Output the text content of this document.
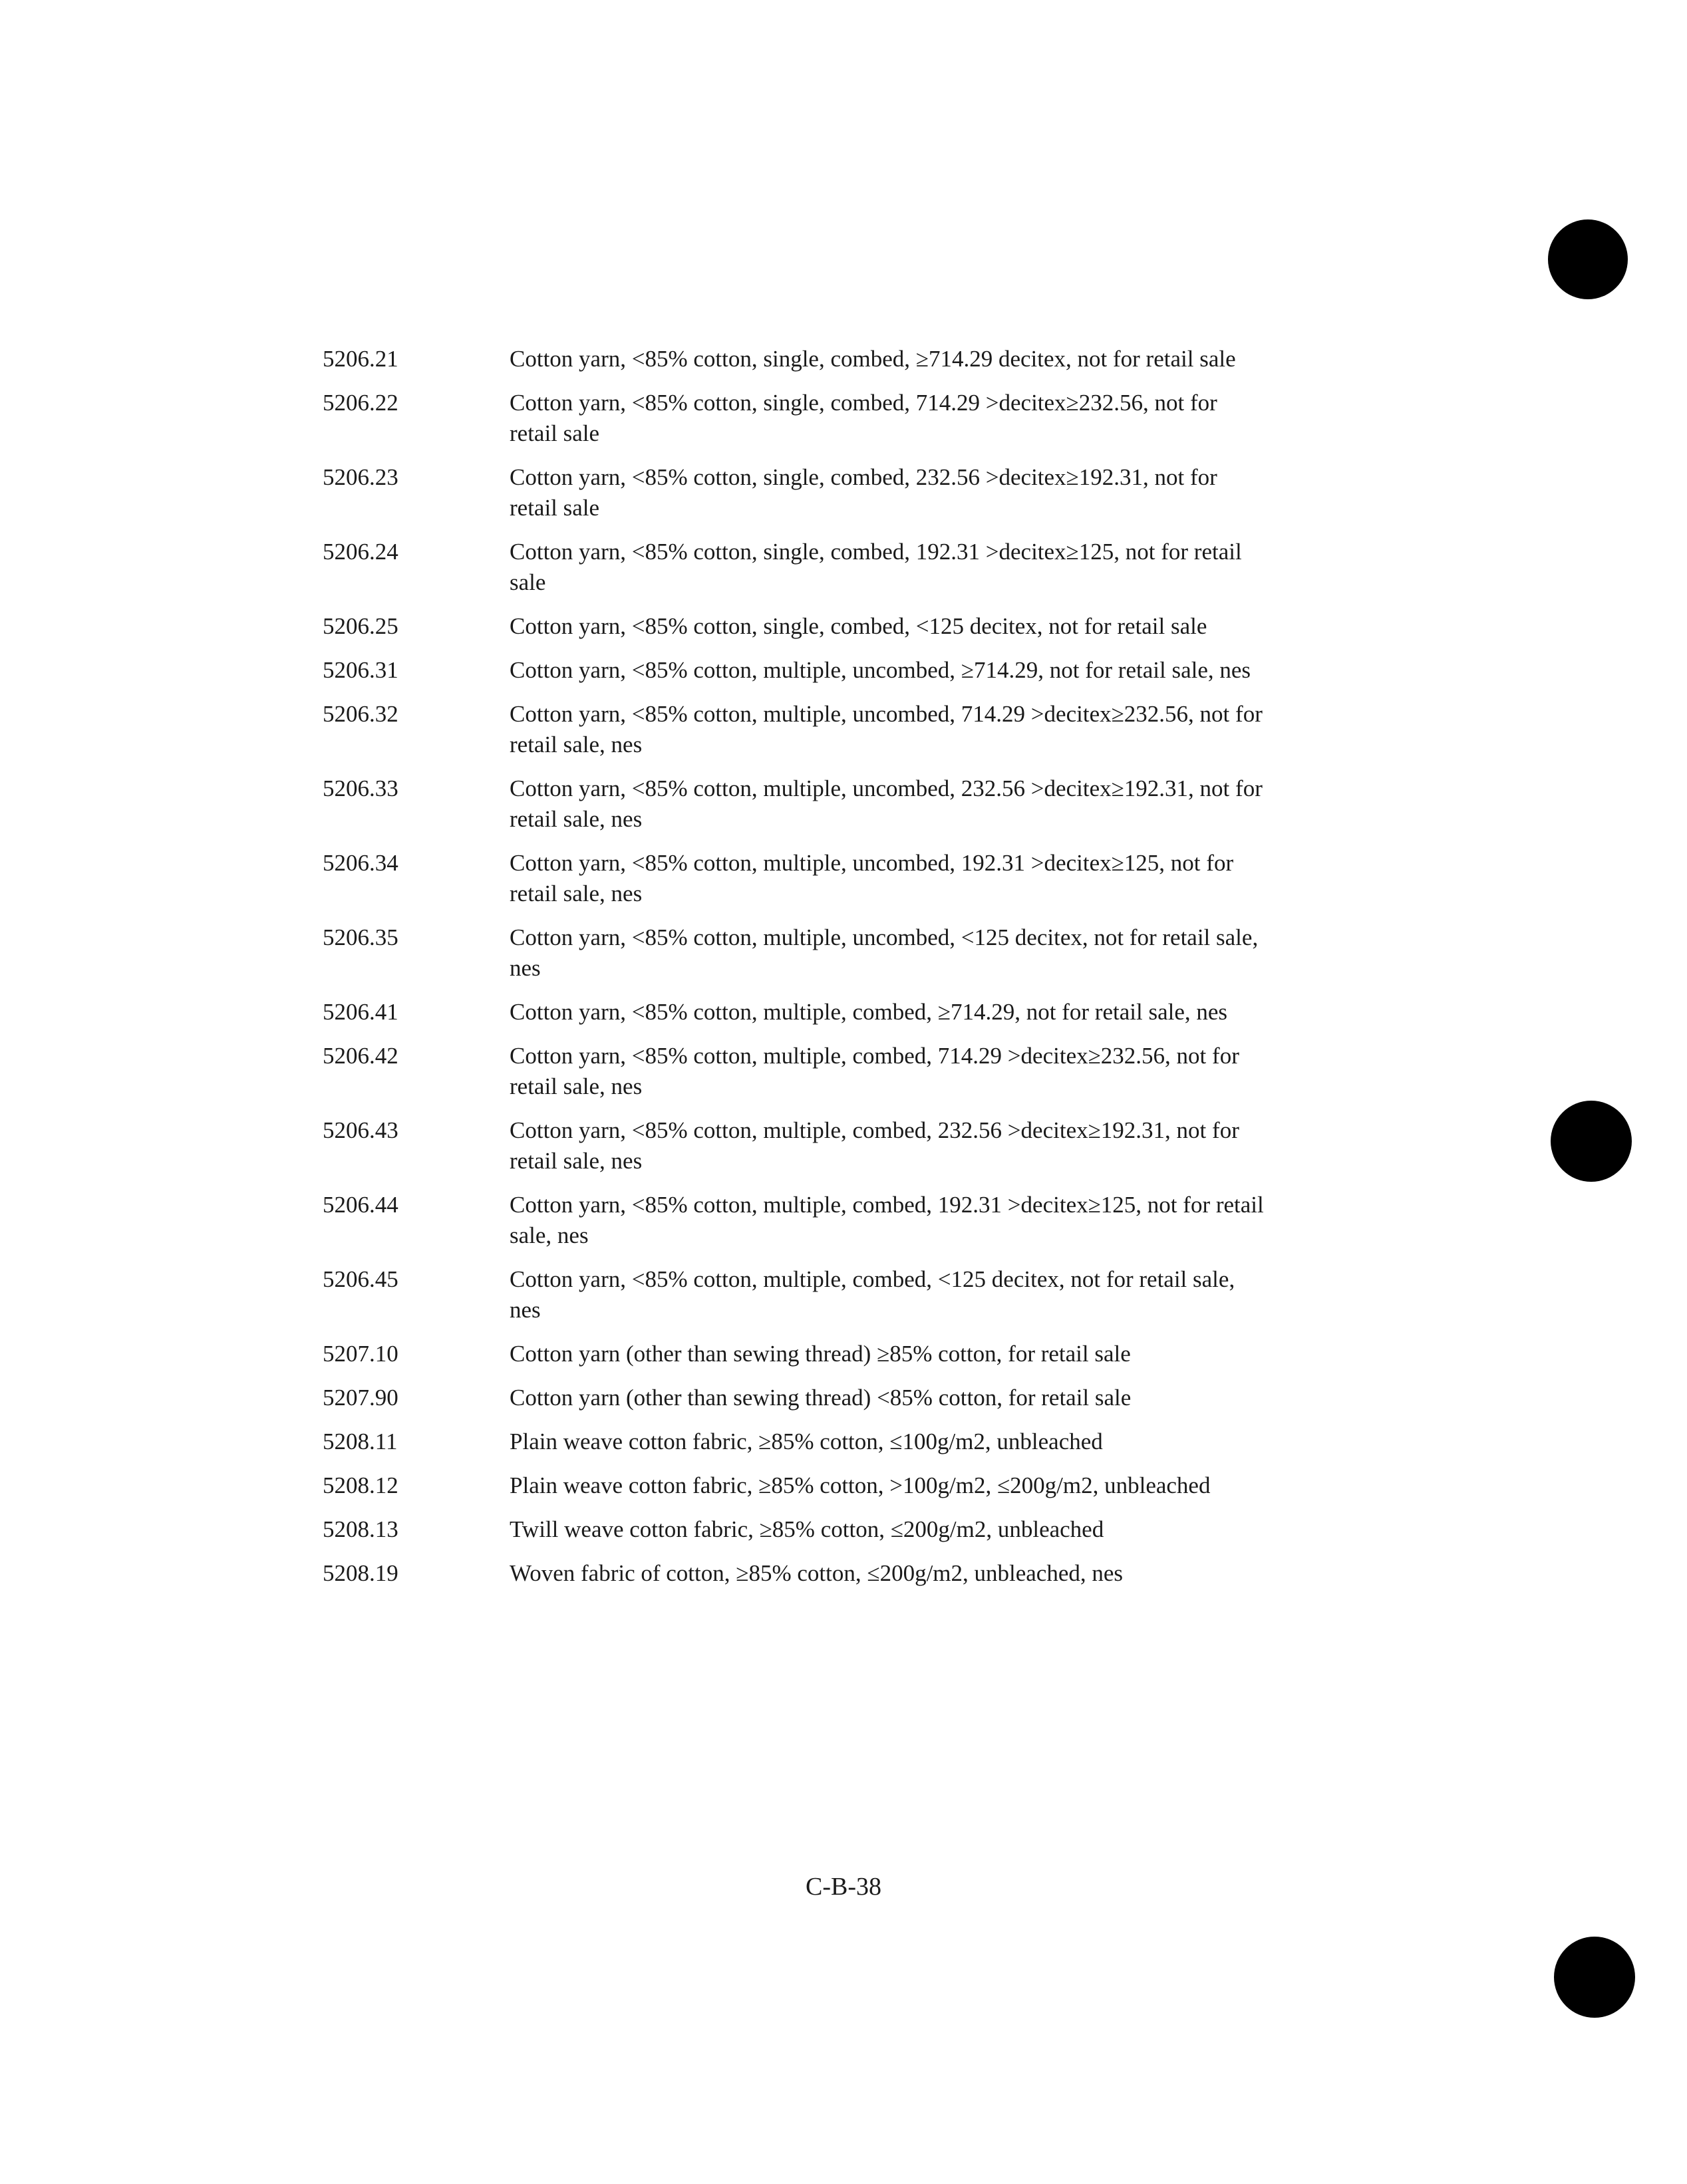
5206.21	Cotton yarn, <85% cotton, single, combed, ≥714.29 decitex, not for retail sale
5206.22	Cotton yarn, <85% cotton, single, combed, 714.29 >decitex≥232.56, not for
retail sale
5206.23	Cotton yarn, <85% cotton, single, combed, 232.56 >decitex≥192.31, not for
retail sale
5206.24	Cotton yarn, <85% cotton, single, combed, 192.31 >decitex≥125, not for retail
sale
5206.25	Cotton yarn, <85% cotton, single, combed, <125 decitex, not for retail sale
5206.31	Cotton yarn, <85% cotton, multiple, uncombed, ≥714.29, not for retail sale, nes
5206.32	Cotton yarn, <85% cotton, multiple, uncombed, 714.29 >decitex≥232.56, not for
retail sale, nes
5206.33	Cotton yarn, <85% cotton, multiple, uncombed, 232.56 >decitex≥192.31, not for
retail sale, nes
5206.34	Cotton yarn, <85% cotton, multiple, uncombed, 192.31 >decitex≥125, not for
retail sale, nes
5206.35	Cotton yarn, <85% cotton, multiple, uncombed, <125 decitex, not for retail sale,
nes
5206.41	Cotton yarn, <85% cotton, multiple, combed, ≥714.29, not for retail sale, nes
5206.42	Cotton yarn, <85% cotton, multiple, combed, 714.29 >decitex≥232.56, not for
retail sale, nes
5206.43	Cotton yarn, <85% cotton, multiple, combed, 232.56 >decitex≥192.31, not for
retail sale, nes
5206.44	Cotton yarn, <85% cotton, multiple, combed, 192.31 >decitex≥125, not for retail
sale, nes
5206.45	Cotton yarn, <85% cotton, multiple, combed, <125 decitex, not for retail sale,
nes
5207.10	Cotton yarn (other than sewing thread) ≥85% cotton, for retail sale
5207.90	Cotton yarn (other than sewing thread) <85% cotton, for retail sale
5208.11	Plain weave cotton fabric, ≥85% cotton, ≤100g/m2, unbleached
5208.12	Plain weave cotton fabric, ≥85% cotton, >100g/m2, ≤200g/m2, unbleached
5208.13	Twill weave cotton fabric, ≥85% cotton, ≤200g/m2, unbleached
5208.19	Woven fabric of cotton, ≥85% cotton, ≤200g/m2, unbleached, nes
C-B-38
